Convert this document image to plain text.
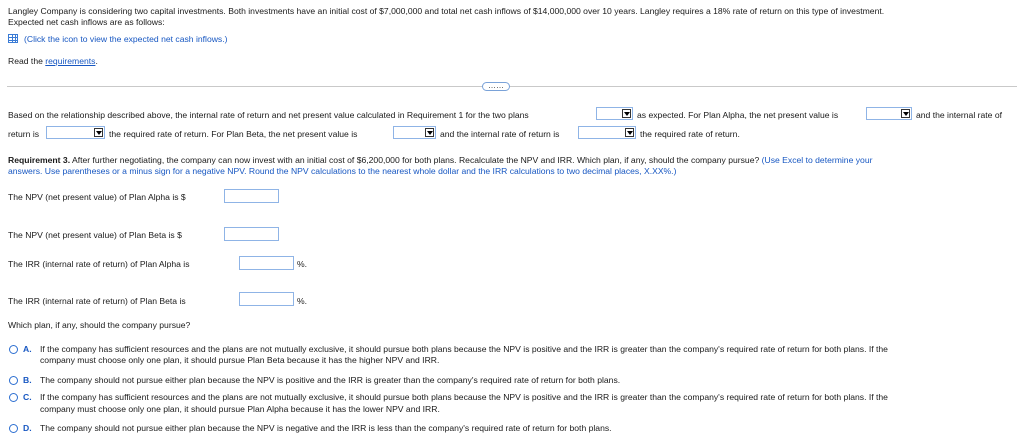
Langley Company is considering two capital investments. Both investments have an initial cost of $7,000,000 and total net cash inflows of $14,000,000 over 10 years. Langley requires a 18% rate of return on this type of investment.
Expected net cash inflows are as follows:
(Click the icon to view the expected net cash inflows.)
Read the requirements.
……
Based on the relationship described above, the internal rate of return and net present value calculated in Requirement 1 for the two plans	as expected. For Plan Alpha, the net present value is	and the internal rate of
return is	the required rate of return. For Plan Beta, the net present value is	and the internal rate of return is	the required rate of return.
Requirement 3. After further negotiating, the company can now invest with an initial cost of $6,200,000 for both plans. Recalculate the NPV and IRR. Which plan, if any, should the company pursue? (Use Excel to determine your
answers. Use parentheses or a minus sign for a negative NPV. Round the NPV calculations to the nearest whole dollar and the IRR calculations to two decimal places, X.XX%.)
The NPV (net present value) of Plan Alpha is $
The NPV (net present value) of Plan Beta is $
The IRR (internal rate of return) of Plan Alpha is	%.
The IRR (internal rate of return) of Plan Beta is	%.
Which plan, if any, should the company pursue?
A. If the company has sufficient resources and the plans are not mutually exclusive, it should pursue both plans because the NPV is positive and the IRR is greater than the company's required rate of return for both plans. If the
company must choose only one plan, it should pursue Plan Beta because it has the higher NPV and IRR.
B. The company should not pursue either plan because the NPV is positive and the IRR is greater than the company's required rate of return for both plans.
C. If the company has sufficient resources and the plans are not mutually exclusive, it should pursue both plans because the NPV is positive and the IRR is greater than the company's required rate of return for both plans. If the
company must choose only one plan, it should pursue Plan Alpha because it has the lower NPV and IRR.
D. The company should not pursue either plan because the NPV is negative and the IRR is less than the company's required rate of return for both plans.
